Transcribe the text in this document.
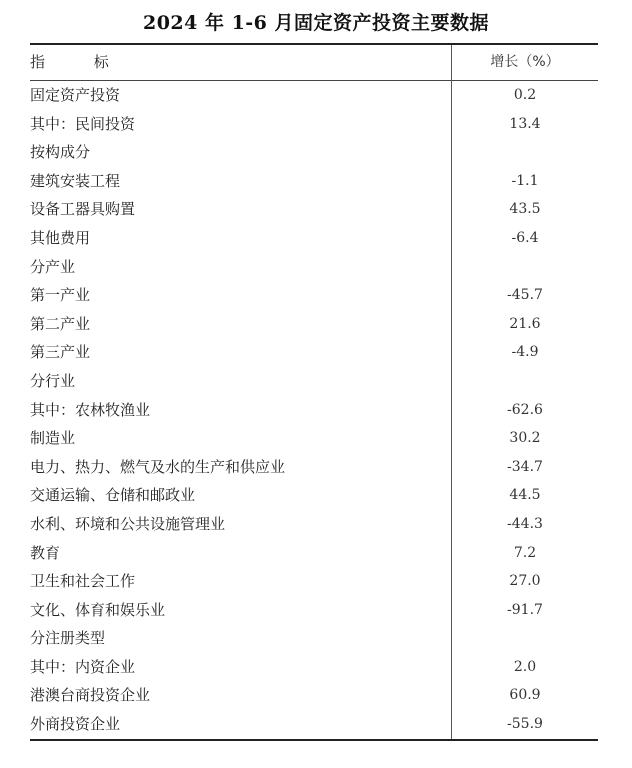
2024 年 1-6 月固定资产投资主要数据
指 标	增长（%）
固定资产投资	0.2
其中：民间投资	13.4
按构成分	
建筑安装工程	-1.1
设备工器具购置	43.5
其他费用	-6.4
分产业	
第一产业	-45.7
第二产业	21.6
第三产业	-4.9
分行业	
其中：农林牧渔业	-62.6
制造业	30.2
电力、热力、燃气及水的生产和供应业	-34.7
交通运输、仓储和邮政业	44.5
水利、环境和公共设施管理业	-44.3
教育	7.2
卫生和社会工作	27.0
文化、体育和娱乐业	-91.7
分注册类型	
其中：内资企业	2.0
港澳台商投资企业	60.9
外商投资企业	-55.9
